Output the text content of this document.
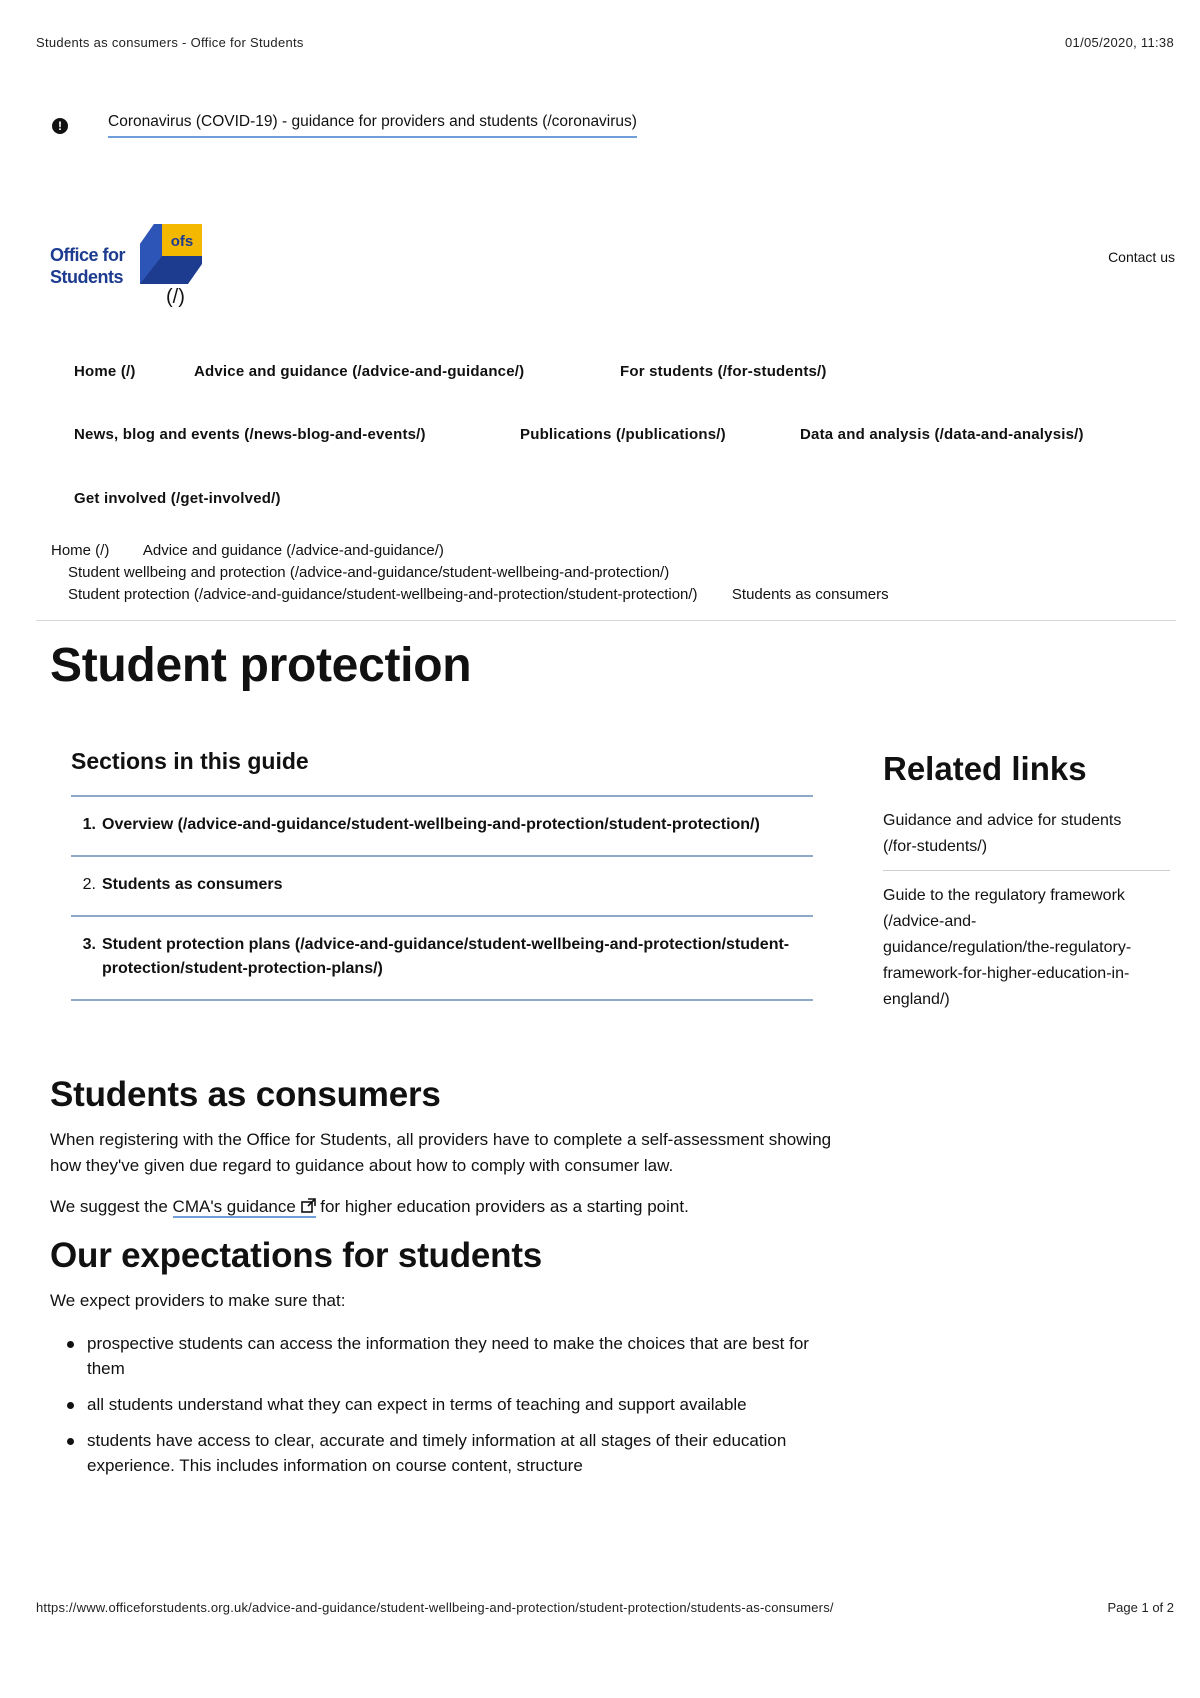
Students as consumers - Office for Students	01/05/2020, 11:38
!	Coronavirus (COVID-19) - guidance for providers and students (/coronavirus)
Office for
Students
ofs
(/)
Contact us
Home (/)	Advice and guidance (/advice-and-guidance/)	For students (/for-students/)
News, blog and events (/news-blog-and-events/)	Publications (/publications/)	Data and analysis (/data-and-analysis/)
Get involved (/get-involved/)
Home (/) Advice and guidance (/advice-and-guidance/)
Student wellbeing and protection (/advice-and-guidance/student-wellbeing-and-protection/)
Student protection (/advice-and-guidance/student-wellbeing-and-protection/student-protection/) Students as consumers
Student protection
Sections in this guide
1. Overview (/advice-and-guidance/student-wellbeing-and-protection/student-protection/)
2. Students as consumers
3. Student protection plans (/advice-and-guidance/student-wellbeing-and-protection/student-protection/student-protection-plans/)
Related links
Guidance and advice for students
(/for-students/)
Guide to the regulatory framework
(/advice-and-
guidance/regulation/the-regulatory-
framework-for-higher-education-in-
england/)
Students as consumers

When registering with the Office for Students, all providers have to complete a self-assessment showing how they've given due regard to guidance about how to comply with consumer law.

We suggest the CMA's guidance  for higher education providers as a starting point.

Our expectations for students

We expect providers to make sure that:

prospective students can access the information they need to make the choices that are best for them
all students understand what they can expect in terms of teaching and support available
students have access to clear, accurate and timely information at all stages of their education experience. This includes information on course content, structure
https://www.officeforstudents.org.uk/advice-and-guidance/student-wellbeing-and-protection/student-protection/students-as-consumers/	Page 1 of 2
